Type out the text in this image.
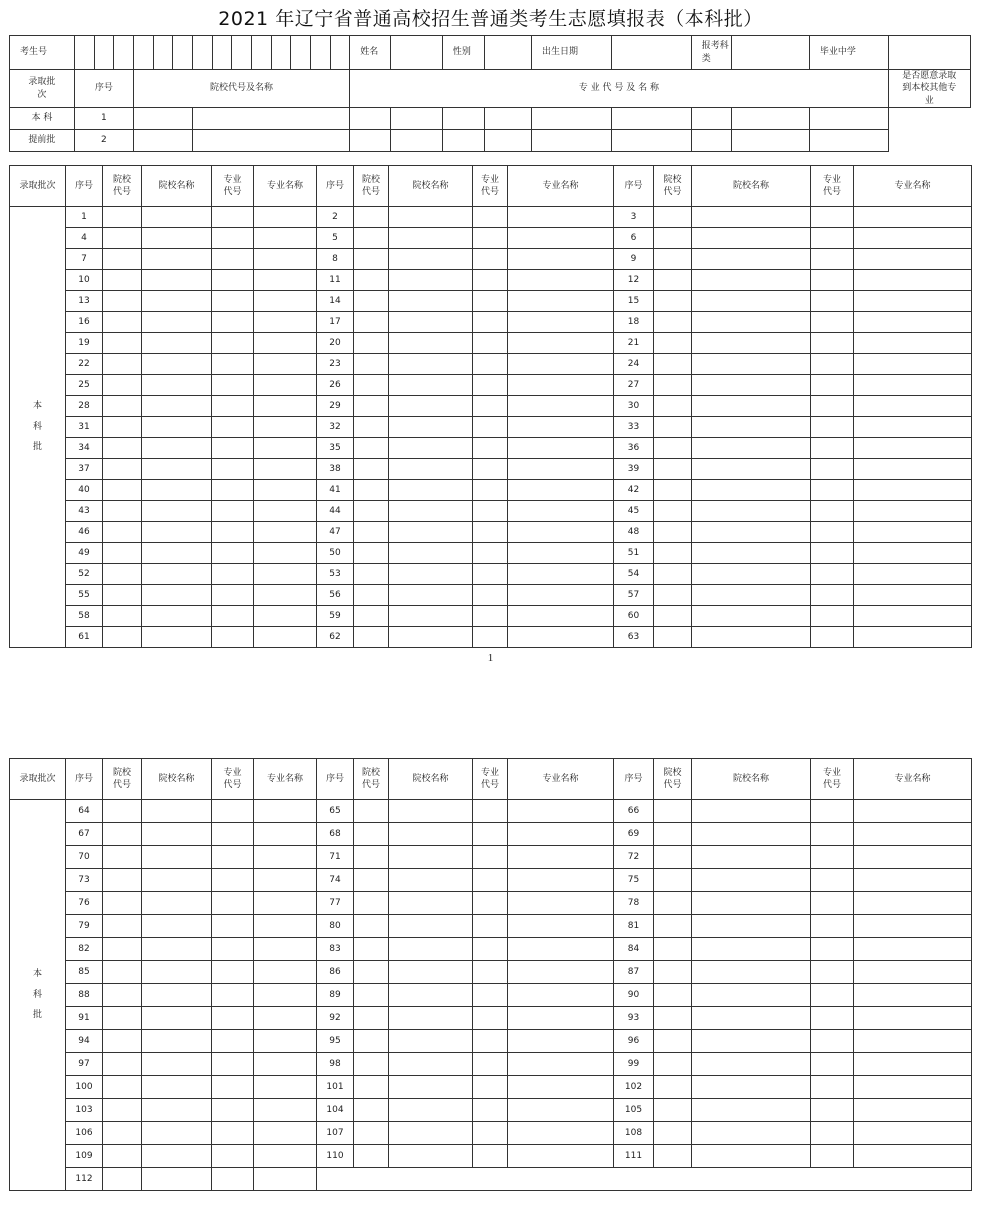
2021 年辽宁省普通高校招生普通类考生志愿填报表（本科批）
考生号															姓名		性别		出生日期		报考科类		毕业中学	
录取批次	序号			院校代号及名称											专 业 代 号 及 名 称									是否愿意录取到本校其他专业
本 科	1																							
提前批	2																							
录取批次	序号	院校代号	院校名称	专业代号	专业名称	序号	院校代号	院校名称	专业代号	专业名称	序号	院校代号	院校名称	专业代号	专业名称
本科批	1					2					3				
	4					5					6				
	7					8					9				
	10					11					12				
	13					14					15				
	16					17					18				
	19					20					21				
	22					23					24				
	25					26					27				
	28					29					30				
	31					32					33				
	34					35					36				
	37					38					39				
	40					41					42				
	43					44					45				
	46					47					48				
	49					50					51				
	52					53					54				
	55					56					57				
	58					59					60				
	61					62					63				
1
录取批次	序号	院校代号	院校名称	专业代号	专业名称	序号	院校代号	院校名称	专业代号	专业名称	序号	院校代号	院校名称	专业代号	专业名称
本科批	64					65					66				
	67					68					69				
	70					71					72				
	73					74					75				
	76					77					78				
	79					80					81				
	82					83					84				
	85					86					87				
	88					89					90				
	91					92					93				
	94					95					96				
	97					98					99				
	100					101					102				
	103					104					105				
	106					107					108				
	109					110					111				
	112														
